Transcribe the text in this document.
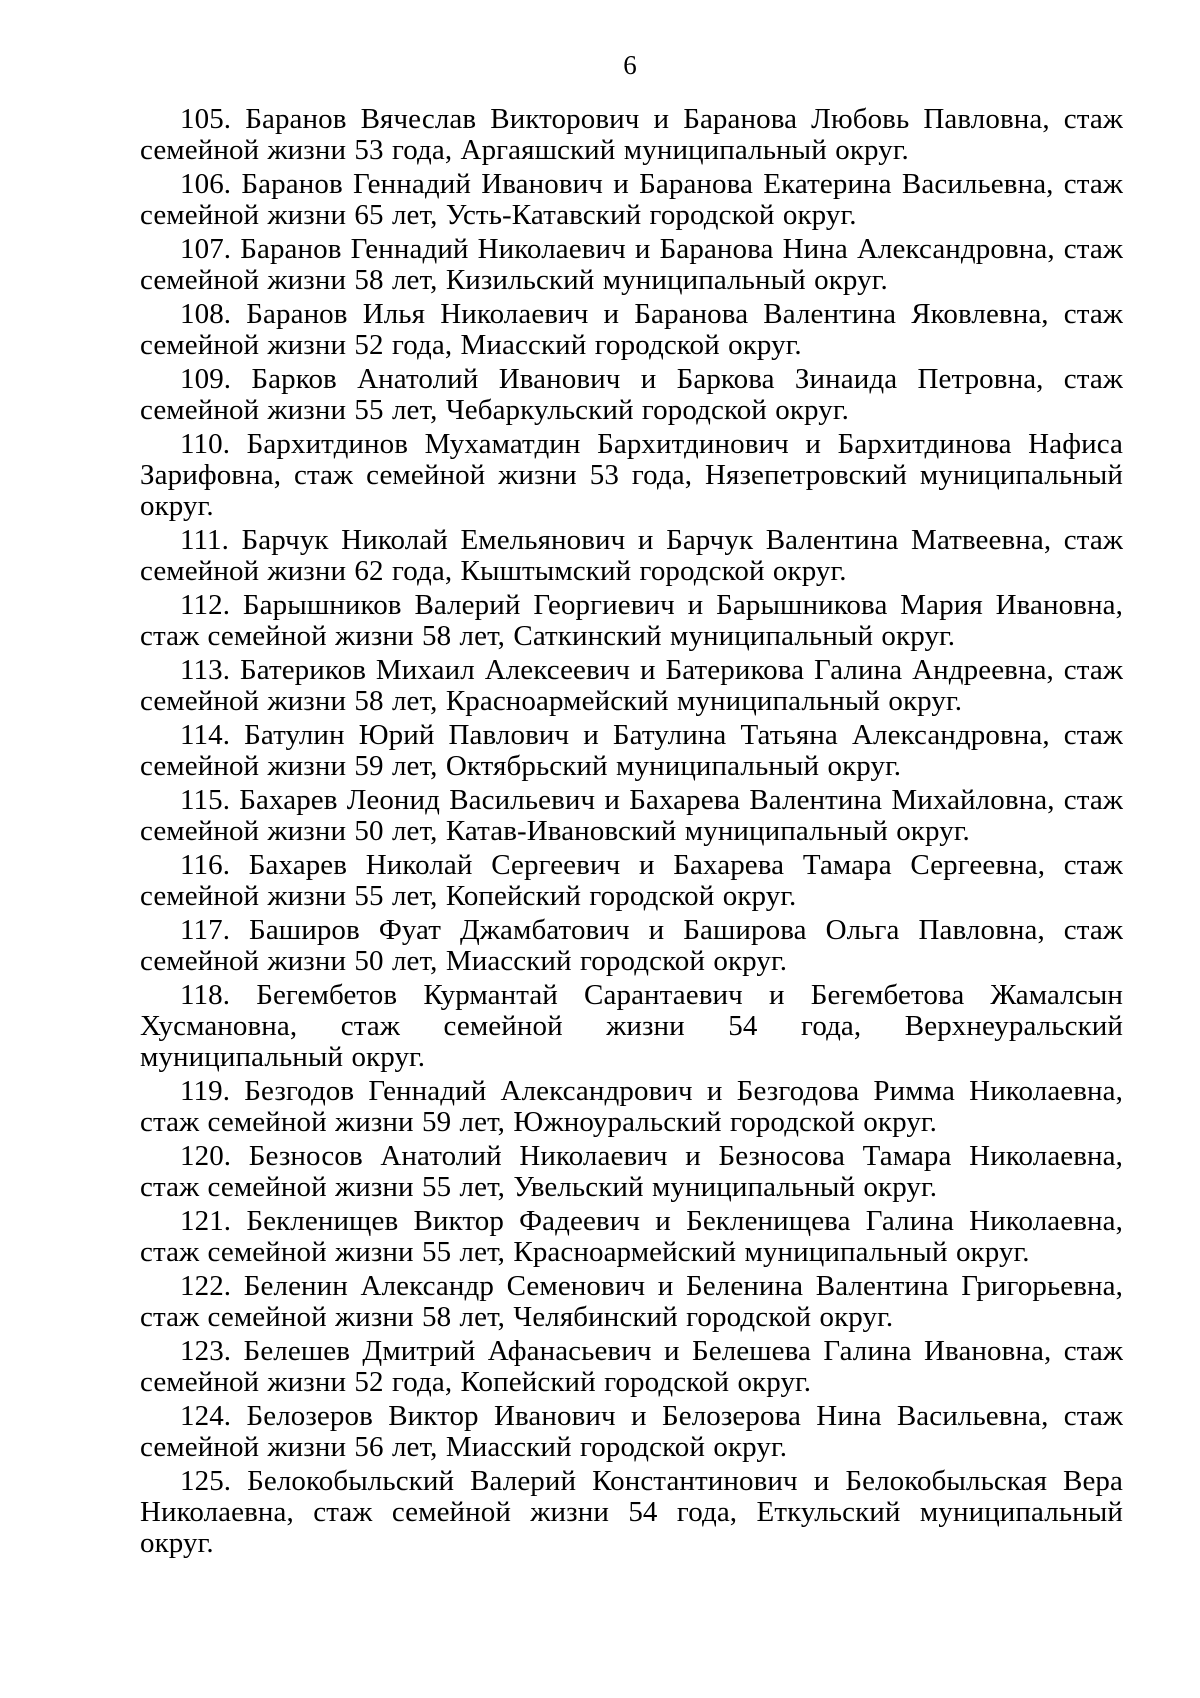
6

105. Баранов Вячеслав Викторович и Баранова Любовь Павловна, стаж семейной жизни 53 года, Аргаяшский муниципальный округ.

106. Баранов Геннадий Иванович и Баранова Екатерина Васильевна, стаж семейной жизни 65 лет, Усть-Катавский городской округ.

107. Баранов Геннадий Николаевич и Баранова Нина Александровна, стаж семейной жизни 58 лет, Кизильский муниципальный округ.

108. Баранов Илья Николаевич и Баранова Валентина Яковлевна, стаж семейной жизни 52 года, Миасский городской округ.

109. Барков Анатолий Иванович и Баркова Зинаида Петровна, стаж семейной жизни 55 лет, Чебаркульский городской округ.

110. Бархитдинов Мухаматдин Бархитдинович и Бархитдинова Нафиса Зарифовна, стаж семейной жизни 53 года, Нязепетровский муниципальный округ.

111. Барчук Николай Емельянович и Барчук Валентина Матвеевна, стаж семейной жизни 62 года, Кыштымский городской округ.

112. Барышников Валерий Георгиевич и Барышникова Мария Ивановна, стаж семейной жизни 58 лет, Саткинский муниципальный округ.

113. Батериков Михаил Алексеевич и Батерикова Галина Андреевна, стаж семейной жизни 58 лет, Красноармейский муниципальный округ.

114. Батулин Юрий Павлович и Батулина Татьяна Александровна, стаж семейной жизни 59 лет, Октябрьский муниципальный округ.

115. Бахарев Леонид Васильевич и Бахарева Валентина Михайловна, стаж семейной жизни 50 лет, Катав-Ивановский муниципальный округ.

116. Бахарев Николай Сергеевич и Бахарева Тамара Сергеевна, стаж семейной жизни 55 лет, Копейский городской округ.

117. Баширов Фуат Джамбатович и Баширова Ольга Павловна, стаж семейной жизни 50 лет, Миасский городской округ.

118. Бегембетов Курмантай Сарантаевич и Бегембетова Жамалсын Хусмановна, стаж семейной жизни 54 года, Верхнеуральский муниципальный округ.

119. Безгодов Геннадий Александрович и Безгодова Римма Николаевна, стаж семейной жизни 59 лет, Южноуральский городской округ.

120. Безносов Анатолий Николаевич и Безносова Тамара Николаевна, стаж семейной жизни 55 лет, Увельский муниципальный округ.

121. Бекленищев Виктор Фадеевич и Бекленищева Галина Николаевна, стаж семейной жизни 55 лет, Красноармейский муниципальный округ.

122. Беленин Александр Семенович и Беленина Валентина Григорьевна, стаж семейной жизни 58 лет, Челябинский городской округ.

123. Белешев Дмитрий Афанасьевич и Белешева Галина Ивановна, стаж семейной жизни 52 года, Копейский городской округ.

124. Белозеров Виктор Иванович и Белозерова Нина Васильевна, стаж семейной жизни 56 лет, Миасский городской округ.

125. Белокобыльский Валерий Константинович и Белокобыльская Вера Николаевна, стаж семейной жизни 54 года, Еткульский муниципальный округ.
